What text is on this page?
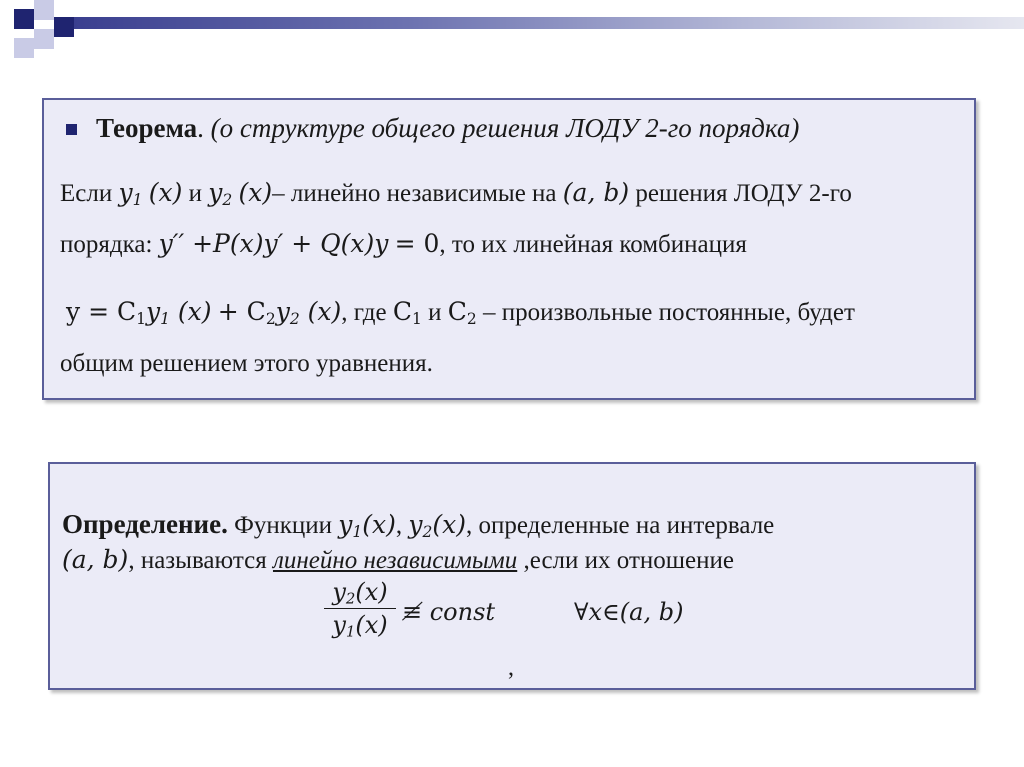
Теорема. (о структуре общего решения ЛОДУ 2-го порядка)
Если $y_1$ (x) и $y_2$ (x)– линейно независимые на (a, b) решения ЛОДУ 2-го
порядка: y′′ +P(x)y′ + Q(x)y = 0, то их линейная комбинация
$y = C_1y_1$ $(x) + C_2y_2$ (x), где $C_1$ и $C_2$ – произвольные постоянные, будет
общим решением этого уравнения.
Определение. Функции $y_1(x)$, $y_2(x)$, определенные на интервале
(a, b), называются линейно независимыми ,если их отношение
$y_2(x)$
$y_1(x)$ ≢ const	∀x∈(a, b)
,
